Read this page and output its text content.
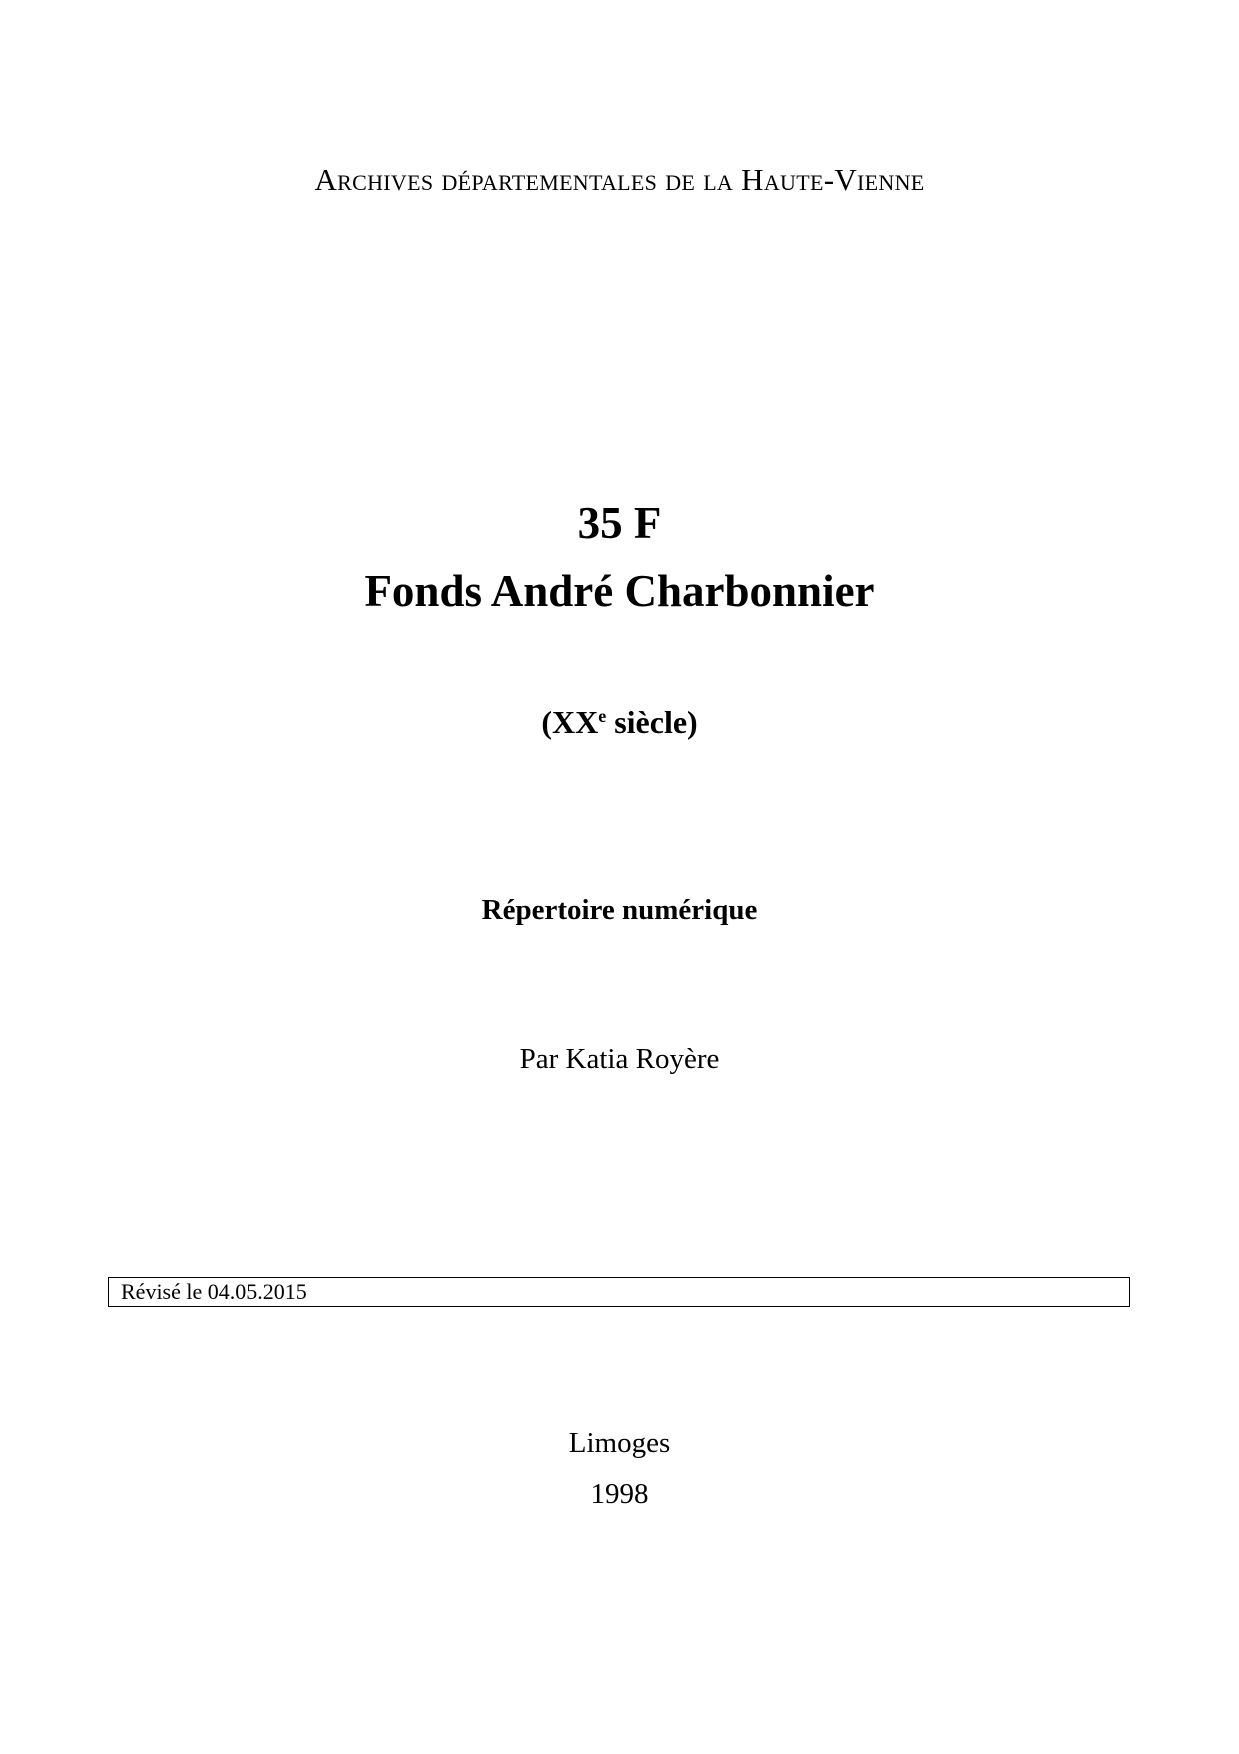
Archives départementales de la Haute-Vienne
35 F
Fonds André Charbonnier
(XXe siècle)
Répertoire numérique
Par Katia Royère
Révisé le 04.05.2015
Limoges
1998
